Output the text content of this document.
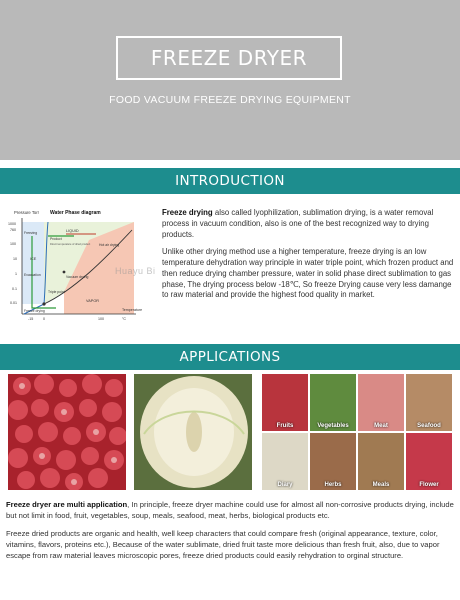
FREEZE DRYER
FOOD VACUUM FREEZE DRYING EQUIPMENT
INTRODUCTION
Pressure Torr Water Phase diagram
1000
760
100
10
1
0.1
0.01
-15	0	100	°C
Temperature
LIQUID
ICE
VAPOR
Freezing
Product
Direct temperature of dried product	Hot air drying
Evacuation	Vacuum drying
Triple point
Freeze drying

Freeze drying also called lyophilization, sublimation drying, is a water removal process in vacuum condition, also is one of the best recognized way to drying products.

Unlike other drying method use a higher temperature, freeze drying is an low temperature dehydration way principle in water triple point, which frozen product and then reduce drying chamber pressure, water in solid phase direct sublimation to gas phase, The drying process below -18℃, So freeze Drying cause very less damange to raw material and provide the highest food quality in market.

Huayu Bi
APPLICATIONS
Fruits	Vegetables	Meat	Seafood
Diary	Herbs	Meals	Flower

Freeze dryer are multi application, In principle, freeze dryer machine could use for almost all non-corrosive products drying, include but not limit in food, fruit, vegetables, soup, meals, seafood, meat, herbs, biological products etc.

Freeze dried products are organic and health, well keep characters that could compare fresh (original appearance, texture, color, vitamins, flavors, proteins etc.), Because of the water sublimate, dried fruit taste more delicious than fresh fruit, also, due to vapor escape from raw material leaves microscopic pores, freeze dried products could easily rehydration to orginal structure.
